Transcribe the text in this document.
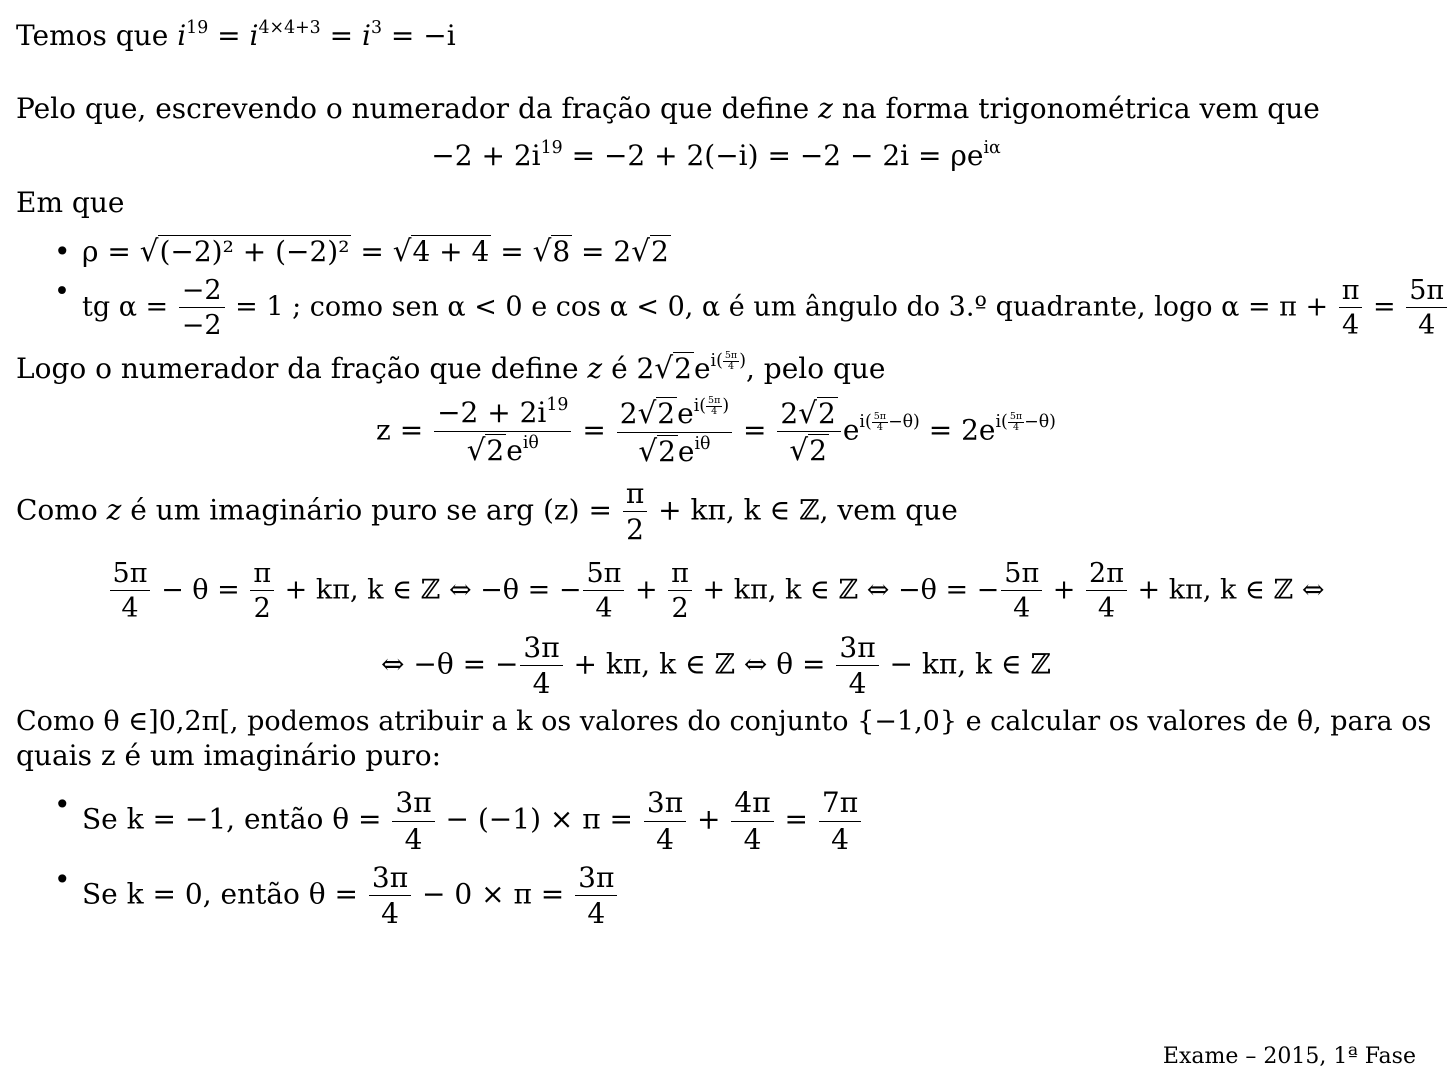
Temos que $i^{19} = i^{4\times 4+3} = i^3 = -i$
Pelo que, escrevendo o numerador da fração que define z na forma trigonométrica vem que
$-2 + 2i^{19} = -2 + 2(-i) = -2 - 2i = \rho e^{i\alpha}$
Em que
• ρ = √ (−2)² + (−2)² = √ 4 + 4 = √ 8 = 2 √ 2
• tg $\alpha = \frac{-2}{-2} = 1$ ; como sen α < 0 e cos α < 0, α é um ângulo do 3.º quadrante, logo $\alpha = \pi + \frac{\pi}{4} = \frac{5\pi}{4}$
Logo o numerador da fração que define z é 2 √ 2 $e^{i( \frac{5\pi}{4} )}$, pelo que
$z = \frac{-2 + 2i^{19}}{√ 2 e^{i\theta}} = 2$ √ 2 $e^{i( \frac{5\pi}{4} )}$
√ 2 $e^{i\theta} = \frac{2 √ 2}{√ 2} e^{i( \frac{5\pi}{4} -\theta)} = 2e^{i( \frac{5\pi}{4} -\theta)}$
Como z é um imaginário puro se arg $(z) = \frac{\pi}{2} + k\pi$, k ∈ ℤ, vem que
$\frac{5\pi}{4} - \theta = \frac{\pi}{2} + k\pi$, k ∈ ℤ ⇔ −θ = − $\frac{5\pi}{4} + \frac{\pi}{2} + k\pi$, k ∈ ℤ ⇔ −θ = − $\frac{5\pi}{4} + \frac{2\pi}{4} + k\pi$, k ∈ ℤ ⇔
⇔ −θ = − $\frac{3\pi}{4} + k\pi$, k ∈ ℤ ⇔ $\theta = \frac{3\pi}{4} - k\pi$, k ∈ ℤ
Como θ ∈]0,2π[, podemos atribuir a k os valores do conjunto {−1,0} e calcular os valores de θ, para os
quais z é um imaginário puro:
• Se k = −1, então $\theta = \frac{3\pi}{4} - (-1) \times \pi = \frac{3\pi}{4} + \frac{4\pi}{4} = \frac{7\pi}{4}$
• Se k = 0, então $\theta = \frac{3\pi}{4} - 0 \times \pi = \frac{3\pi}{4}$
Exame – 2015, 1ª Fase
